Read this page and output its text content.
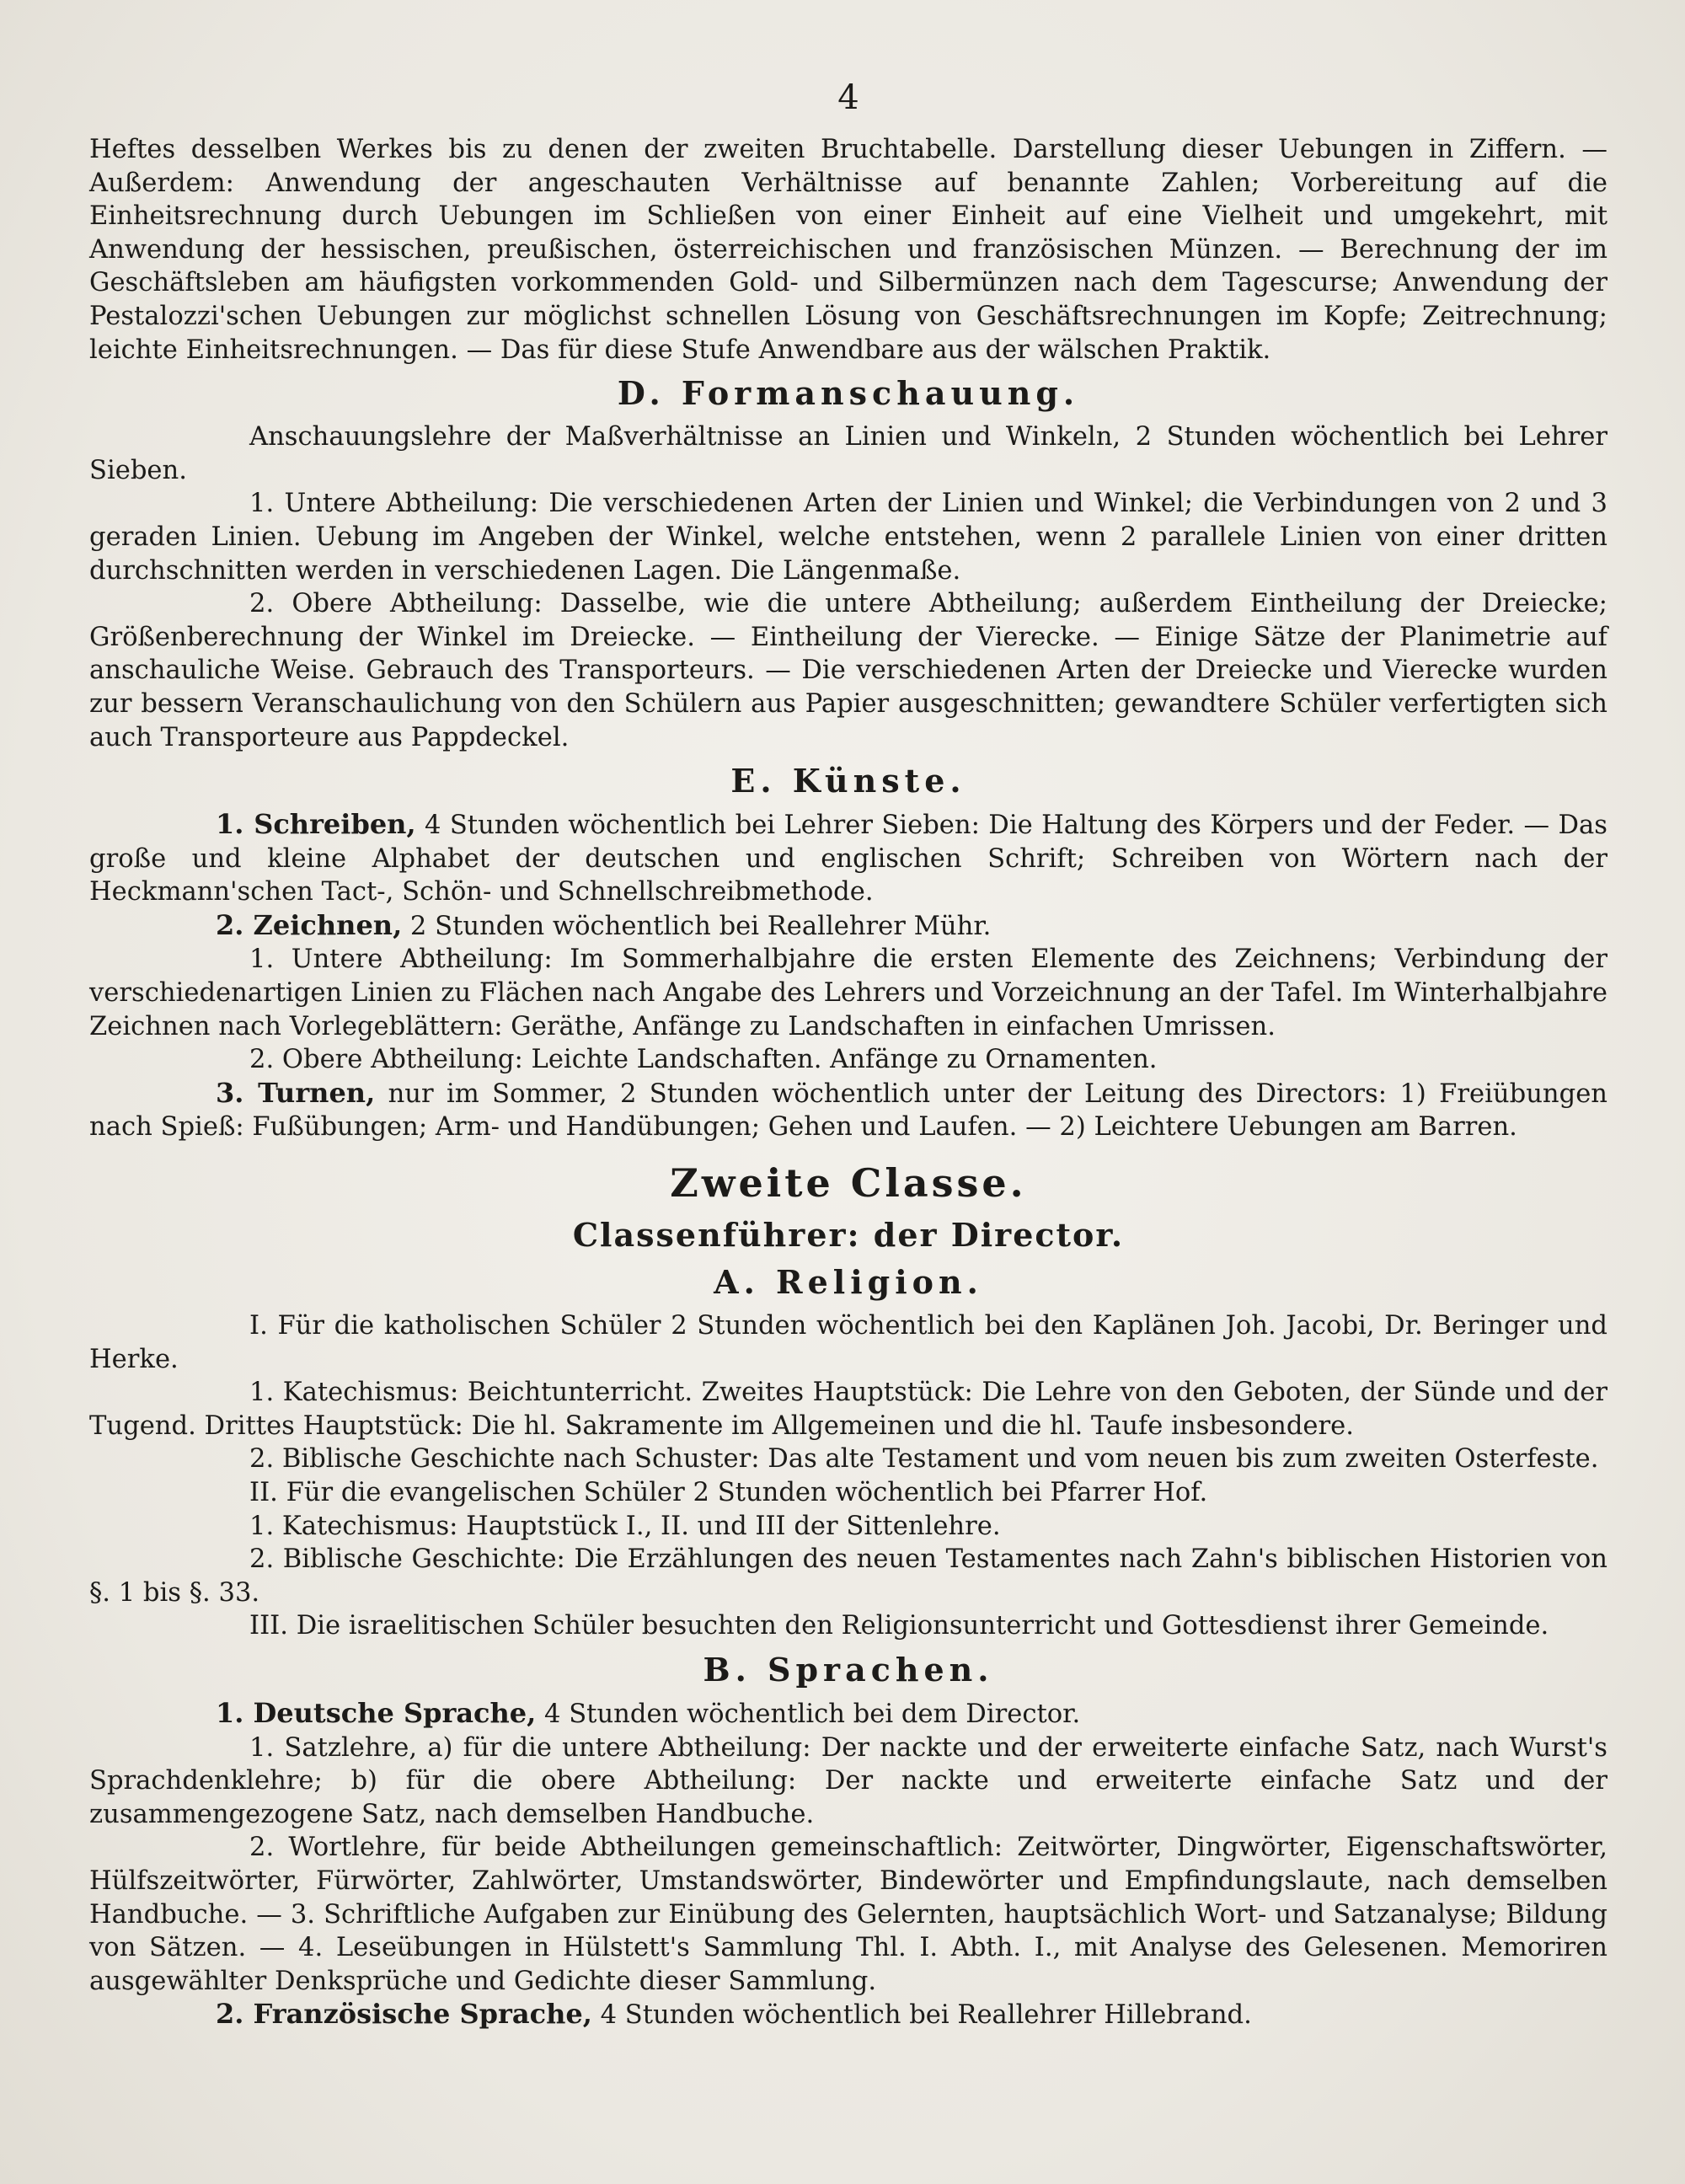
4

Heftes desselben Werkes bis zu denen der zweiten Bruchtabelle. Darstellung dieser Uebungen in Ziffern. — Außerdem: Anwendung der angeschauten Verhältnisse auf benannte Zahlen; Vorbereitung auf die Einheitsrechnung durch Uebungen im Schließen von einer Einheit auf eine Vielheit und umgekehrt, mit Anwendung der hessischen, preußischen, österreichischen und französischen Münzen. — Berechnung der im Geschäftsleben am häufigsten vorkommenden Gold- und Silbermünzen nach dem Tagescurse; Anwendung der Pestalozzi'schen Uebungen zur möglichst schnellen Lösung von Geschäftsrechnungen im Kopfe; Zeitrechnung; leichte Einheitsrechnungen. — Das für diese Stufe Anwendbare aus der wälschen Praktik.

D. Formanschauung.

Anschauungslehre der Maßverhältnisse an Linien und Winkeln, 2 Stunden wöchentlich bei Lehrer Sieben.

1. Untere Abtheilung: Die verschiedenen Arten der Linien und Winkel; die Verbindungen von 2 und 3 geraden Linien. Uebung im Angeben der Winkel, welche entstehen, wenn 2 parallele Linien von einer dritten durchschnitten werden in verschiedenen Lagen. Die Längenmaße.

2. Obere Abtheilung: Dasselbe, wie die untere Abtheilung; außerdem Eintheilung der Dreiecke; Größenberechnung der Winkel im Dreiecke. — Eintheilung der Vierecke. — Einige Sätze der Planimetrie auf anschauliche Weise. Gebrauch des Transporteurs. — Die verschiedenen Arten der Dreiecke und Vierecke wurden zur bessern Veranschaulichung von den Schülern aus Papier ausgeschnitten; gewandtere Schüler verfertigten sich auch Transporteure aus Pappdeckel.

E. Künste.

1. Schreiben, 4 Stunden wöchentlich bei Lehrer Sieben: Die Haltung des Körpers und der Feder. — Das große und kleine Alphabet der deutschen und englischen Schrift; Schreiben von Wörtern nach der Heckmann'schen Tact-, Schön- und Schnellschreibmethode.

2. Zeichnen, 2 Stunden wöchentlich bei Reallehrer Mühr.

1. Untere Abtheilung: Im Sommerhalbjahre die ersten Elemente des Zeichnens; Verbindung der verschiedenartigen Linien zu Flächen nach Angabe des Lehrers und Vorzeichnung an der Tafel. Im Winterhalbjahre Zeichnen nach Vorlegeblättern: Geräthe, Anfänge zu Landschaften in einfachen Umrissen.

2. Obere Abtheilung: Leichte Landschaften. Anfänge zu Ornamenten.

3. Turnen, nur im Sommer, 2 Stunden wöchentlich unter der Leitung des Directors: 1) Freiübungen nach Spieß: Fußübungen; Arm- und Handübungen; Gehen und Laufen. — 2) Leichtere Uebungen am Barren.

Zweite Classe.
Classenführer: der Director.
A. Religion.

I. Für die katholischen Schüler 2 Stunden wöchentlich bei den Kaplänen Joh. Jacobi, Dr. Beringer und Herke.

1. Katechismus: Beichtunterricht. Zweites Hauptstück: Die Lehre von den Geboten, der Sünde und der Tugend. Drittes Hauptstück: Die hl. Sakramente im Allgemeinen und die hl. Taufe insbesondere.

2. Biblische Geschichte nach Schuster: Das alte Testament und vom neuen bis zum zweiten Osterfeste.

II. Für die evangelischen Schüler 2 Stunden wöchentlich bei Pfarrer Hof.

1. Katechismus: Hauptstück I., II. und III der Sittenlehre.

2. Biblische Geschichte: Die Erzählungen des neuen Testamentes nach Zahn's biblischen Historien von §. 1 bis §. 33.

III. Die israelitischen Schüler besuchten den Religionsunterricht und Gottesdienst ihrer Gemeinde.

B. Sprachen.

1. Deutsche Sprache, 4 Stunden wöchentlich bei dem Director.

1. Satzlehre, a) für die untere Abtheilung: Der nackte und der erweiterte einfache Satz, nach Wurst's Sprachdenklehre; b) für die obere Abtheilung: Der nackte und erweiterte einfache Satz und der zusammengezogene Satz, nach demselben Handbuche.

2. Wortlehre, für beide Abtheilungen gemeinschaftlich: Zeitwörter, Dingwörter, Eigenschaftswörter, Hülfszeitwörter, Fürwörter, Zahlwörter, Umstandswörter, Bindewörter und Empfindungslaute, nach demselben Handbuche. — 3. Schriftliche Aufgaben zur Einübung des Gelernten, hauptsächlich Wort- und Satzanalyse; Bildung von Sätzen. — 4. Leseübungen in Hülstett's Sammlung Thl. I. Abth. I., mit Analyse des Gelesenen. Memoriren ausgewählter Denksprüche und Gedichte dieser Sammlung.

2. Französische Sprache, 4 Stunden wöchentlich bei Reallehrer Hillebrand.
